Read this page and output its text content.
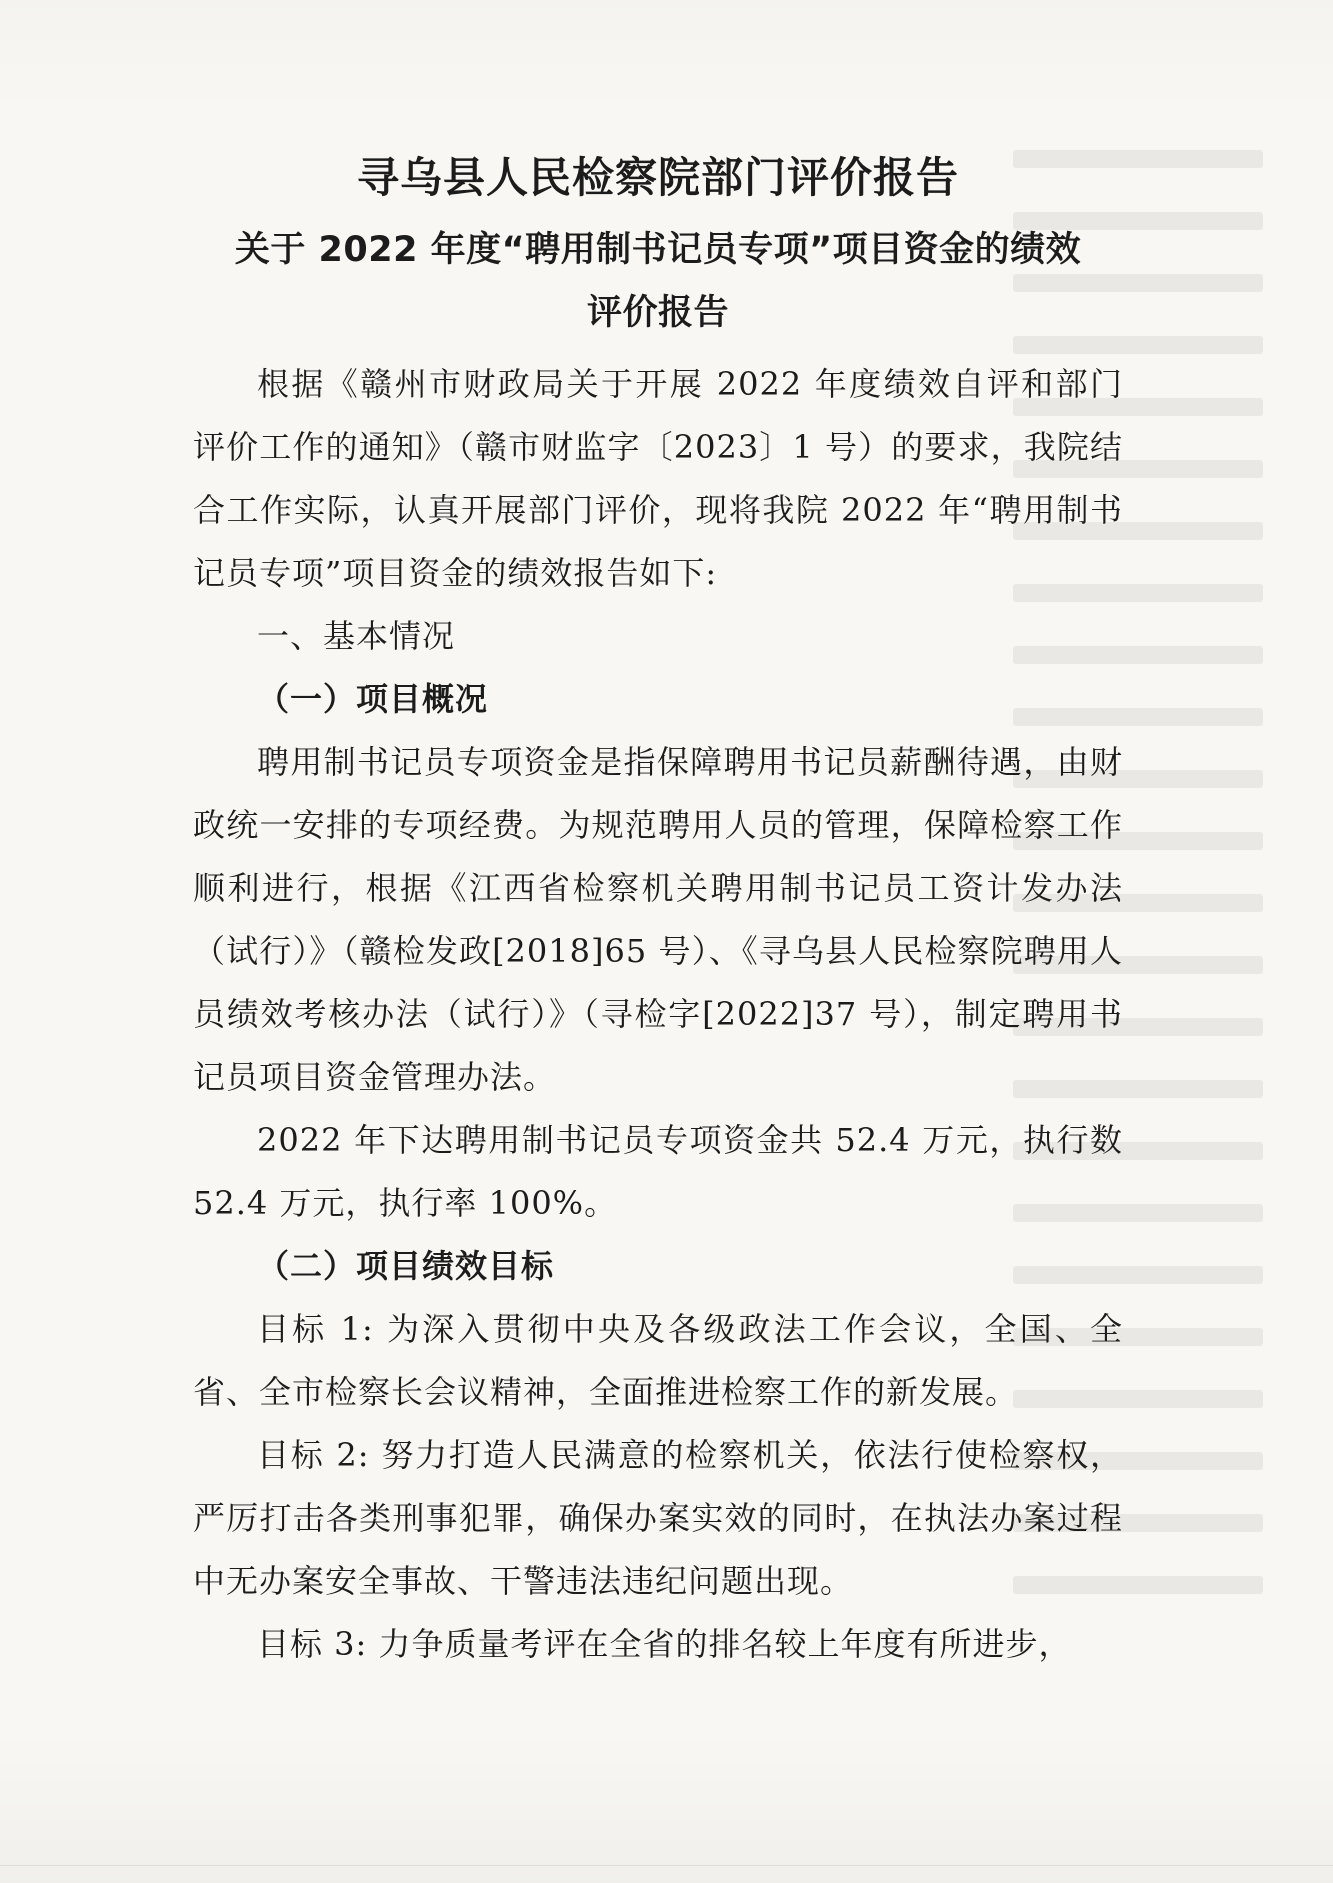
寻乌县人民检察院部门评价报告
关于 2022 年度“聘用制书记员专项”项目资金的绩效
评价报告

根据《赣州市财政局关于开展 2022 年度绩效自评和部门评价工作的通知》（赣市财监字〔2023〕1 号）的要求，我院结合工作实际，认真开展部门评价，现将我院 2022 年“聘用制书记员专项”项目资金的绩效报告如下:

一、基本情况
（一）项目概况

聘用制书记员专项资金是指保障聘用书记员薪酬待遇，由财政统一安排的专项经费。为规范聘用人员的管理，保障检察工作顺利进行，根据《江西省检察机关聘用制书记员工资计发办法（试行）》（赣检发政[2018]65 号）、《寻乌县人民检察院聘用人员绩效考核办法（试行）》（寻检字[2022]37 号），制定聘用书记员项目资金管理办法。

2022 年下达聘用制书记员专项资金共 52.4 万元，执行数 52.4 万元，执行率 100%。

（二）项目绩效目标

目标 1: 为深入贯彻中央及各级政法工作会议，全国、全省、全市检察长会议精神，全面推进检察工作的新发展。

目标 2: 努力打造人民满意的检察机关，依法行使检察权，严厉打击各类刑事犯罪，确保办案实效的同时，在执法办案过程中无办案安全事故、干警违法违纪问题出现。

目标 3: 力争质量考评在全省的排名较上年度有所进步，
